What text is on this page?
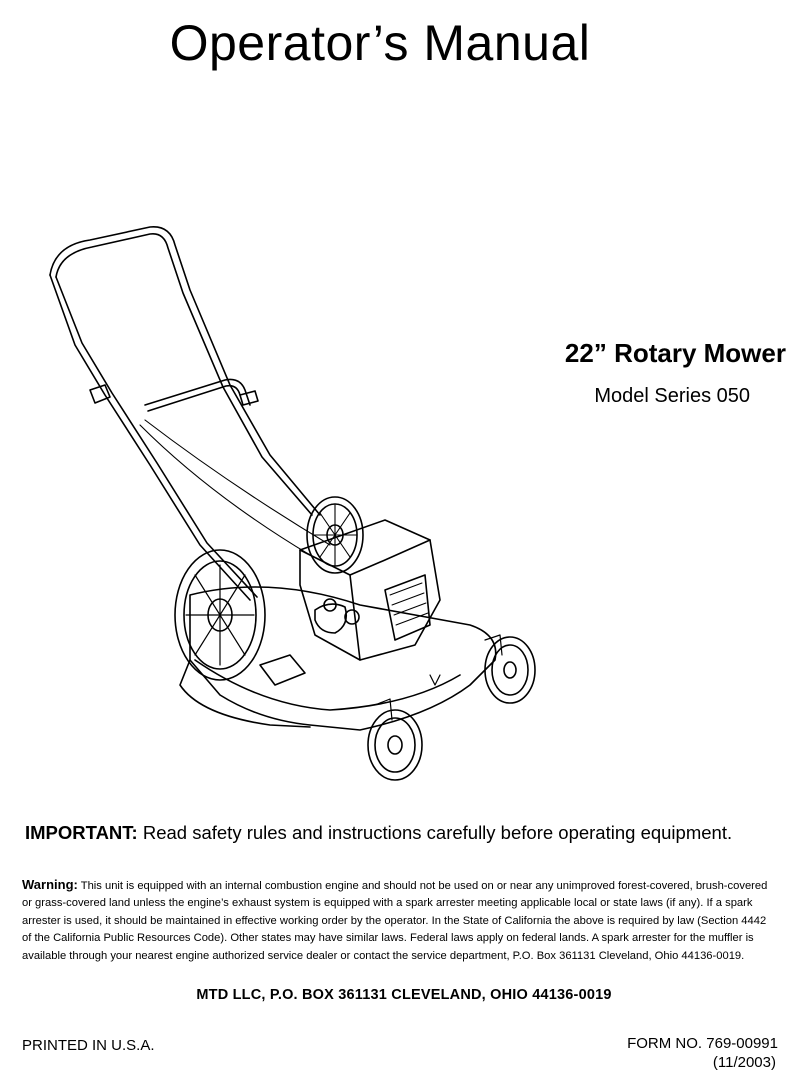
Operator’s Manual
22” Rotary Mower
Model Series 050
IMPORTANT: Read safety rules and instructions carefully before operating equipment.
Warning: This unit is equipped with an internal combustion engine and should not be used on or near any unimproved forest-covered, brush-covered or grass-covered land unless the engine’s exhaust system is equipped with a spark arrester meeting applicable local or state laws (if any). If a spark arrester is used, it should be maintained in effective working order by the operator. In the State of California the above is required by law (Section 4442 of the California Public Resources Code). Other states may have similar laws. Federal laws apply on federal lands. A spark arrester for the muffler is available through your nearest engine authorized service dealer or contact the service department, P.O. Box 361131 Cleveland, Ohio 44136-0019.
MTD LLC, P.O. BOX 361131 CLEVELAND, OHIO 44136-0019
PRINTED IN U.S.A.	FORM NO. 769-00991
(11/2003)
